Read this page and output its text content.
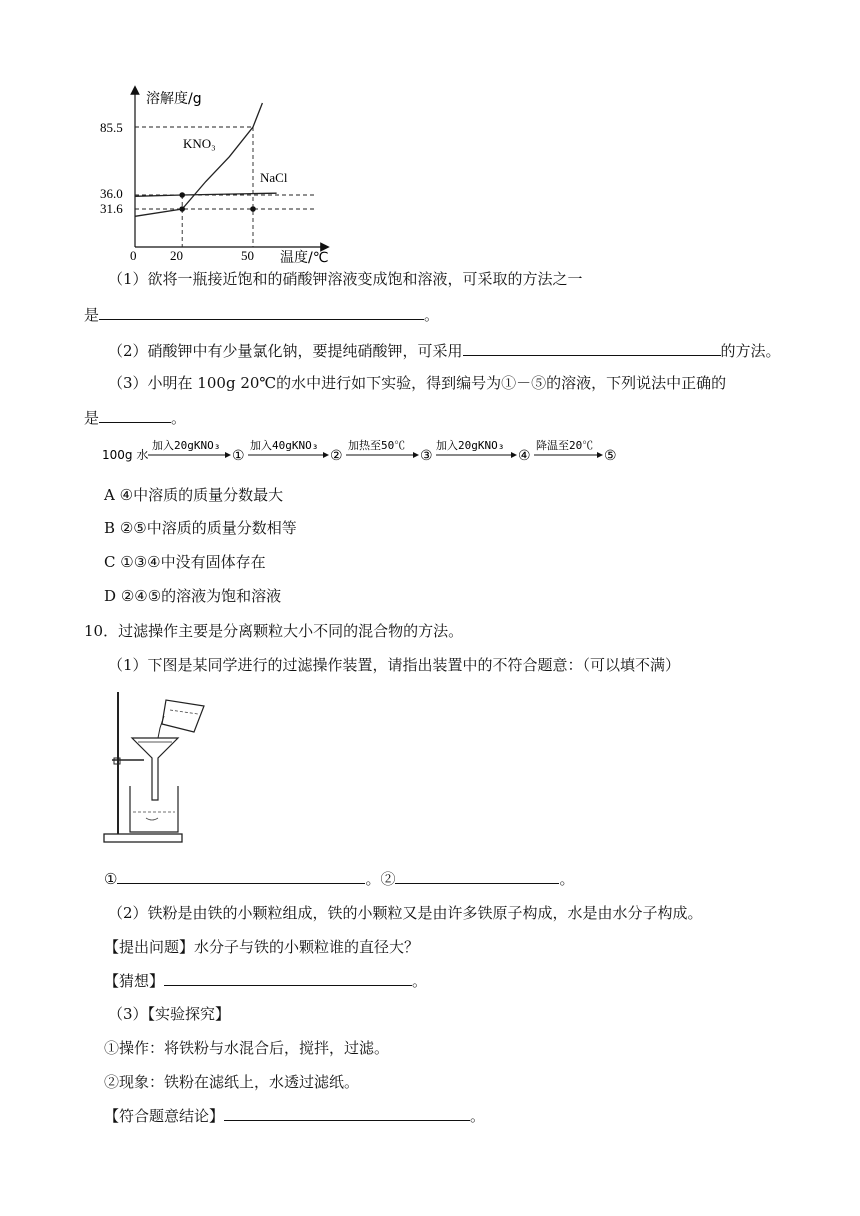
溶解度/g
温度/℃
0	20	50
85.5
36.0
31.6
KNO₃
NaCl
（1）欲将一瓶接近饱和的硝酸钾溶液变成饱和溶液，可采取的方法之一
是	。
（2）硝酸钾中有少量氯化钠，要提纯硝酸钾，可采用	的方法。
（3）小明在 100g 20℃的水中进行如下实验，得到编号为①－⑤的溶液，下列说法中正确的
是	。
100g 水
加入20gKNO₃
①
加入40gKNO₃
②
加热至50℃
③
加入20gKNO₃
④
降温至20℃
⑤
A ④中溶质的质量分数最大
B ②⑤中溶质的质量分数相等
C ①③④中没有固体存在
D ②④⑤的溶液为饱和溶液
10．过滤操作主要是分离颗粒大小不同的混合物的方法。
（1）下图是某同学进行的过滤操作装置，请指出装置中的不符合题意：（可以填不满）
①	。②	。
（2）铁粉是由铁的小颗粒组成，铁的小颗粒又是由许多铁原子构成，水是由水分子构成。
【提出问题】水分子与铁的小颗粒谁的直径大？
【猜想】	。
（3）【实验探究】
①操作：将铁粉与水混合后，搅拌，过滤。
②现象：铁粉在滤纸上，水透过滤纸。
【符合题意结论】	。
